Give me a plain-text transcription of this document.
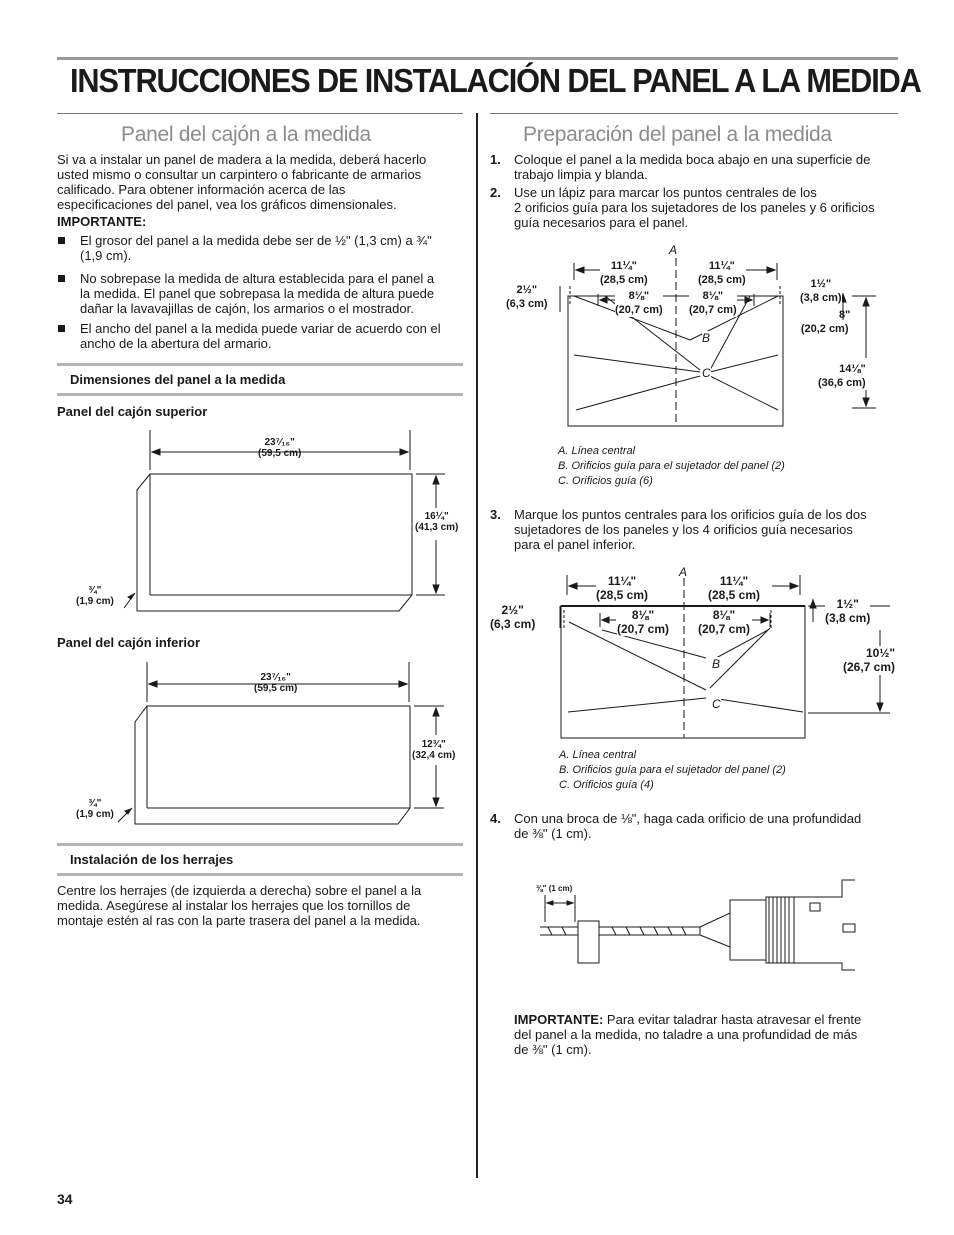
INSTRUCCIONES DE INSTALACIÓN DEL PANEL A LA MEDIDA
Panel del cajón a la medida
Si va a instalar un panel de madera a la medida, deberá hacerlo
usted mismo o consultar un carpintero o fabricante de armarios
calificado. Para obtener información acerca de las
especificaciones del panel, vea los gráficos dimensionales.
IMPORTANTE:
El grosor del panel a la medida debe ser de ½" (1,3 cm) a ¾"
(1,9 cm).
No sobrepase la medida de altura establecida para el panel a
la medida. El panel que sobrepasa la medida de altura puede
dañar la lavavajillas de cajón, los armarios o el mostrador.
El ancho del panel a la medida puede variar de acuerdo con el
ancho de la abertura del armario.
Dimensiones del panel a la medida
Panel del cajón superior
23⁷⁄₁₆"
(59,5 cm)
16¼"
(41,3 cm)
¾"
(1,9 cm)
Panel del cajón inferior
23⁷⁄₁₆"
(59,5 cm)
12¾"
(32,4 cm)
¾"
(1,9 cm)
Instalación de los herrajes
Centre los herrajes (de izquierda a derecha) sobre el panel a la
medida. Asegúrese al instalar los herrajes que los tornillos de
montaje estén al ras con la parte trasera del panel a la medida.
Preparación del panel a la medida
1. Coloque el panel a la medida boca abajo en una superficie de
trabajo limpia y blanda.
2. Use un lápiz para marcar los puntos centrales de los
2 orificios guía para los sujetadores de los paneles y 6 orificios
guía necesarios para el panel.
A
B
C
11¼"
(28,5 cm)
11¼"
(28,5 cm)
8⅛"
(20,7 cm)
8⅛"
(20,7 cm)
2½"
(6,3 cm)
1½"
(3,8 cm)
8"
(20,2 cm)
14⅛"
(36,6 cm)
A. Línea central
B. Orificios guía para el sujetador del panel (2)
C. Orificios guía (6)
3. Marque los puntos centrales para los orificios guía de los dos
sujetadores de los paneles y los 4 orificios guía necesarios
para el panel inferior.
A
B
C
11¼"
(28,5 cm)
11¼"
(28,5 cm)
8⅛"
(20,7 cm)
8⅛"
(20,7 cm)
2½"
(6,3 cm)
1½"
(3,8 cm)
10½"
(26,7 cm)
A. Línea central
B. Orificios guía para el sujetador del panel (2)
C. Orificios guía (4)
4. Con una broca de ⅛", haga cada orificio de una profundidad
de ⅜" (1 cm).
⅜" (1 cm)
IMPORTANTE: Para evitar taladrar hasta atravesar el frente
del panel a la medida, no taladre a una profundidad de más
de ⅜" (1 cm).
34
